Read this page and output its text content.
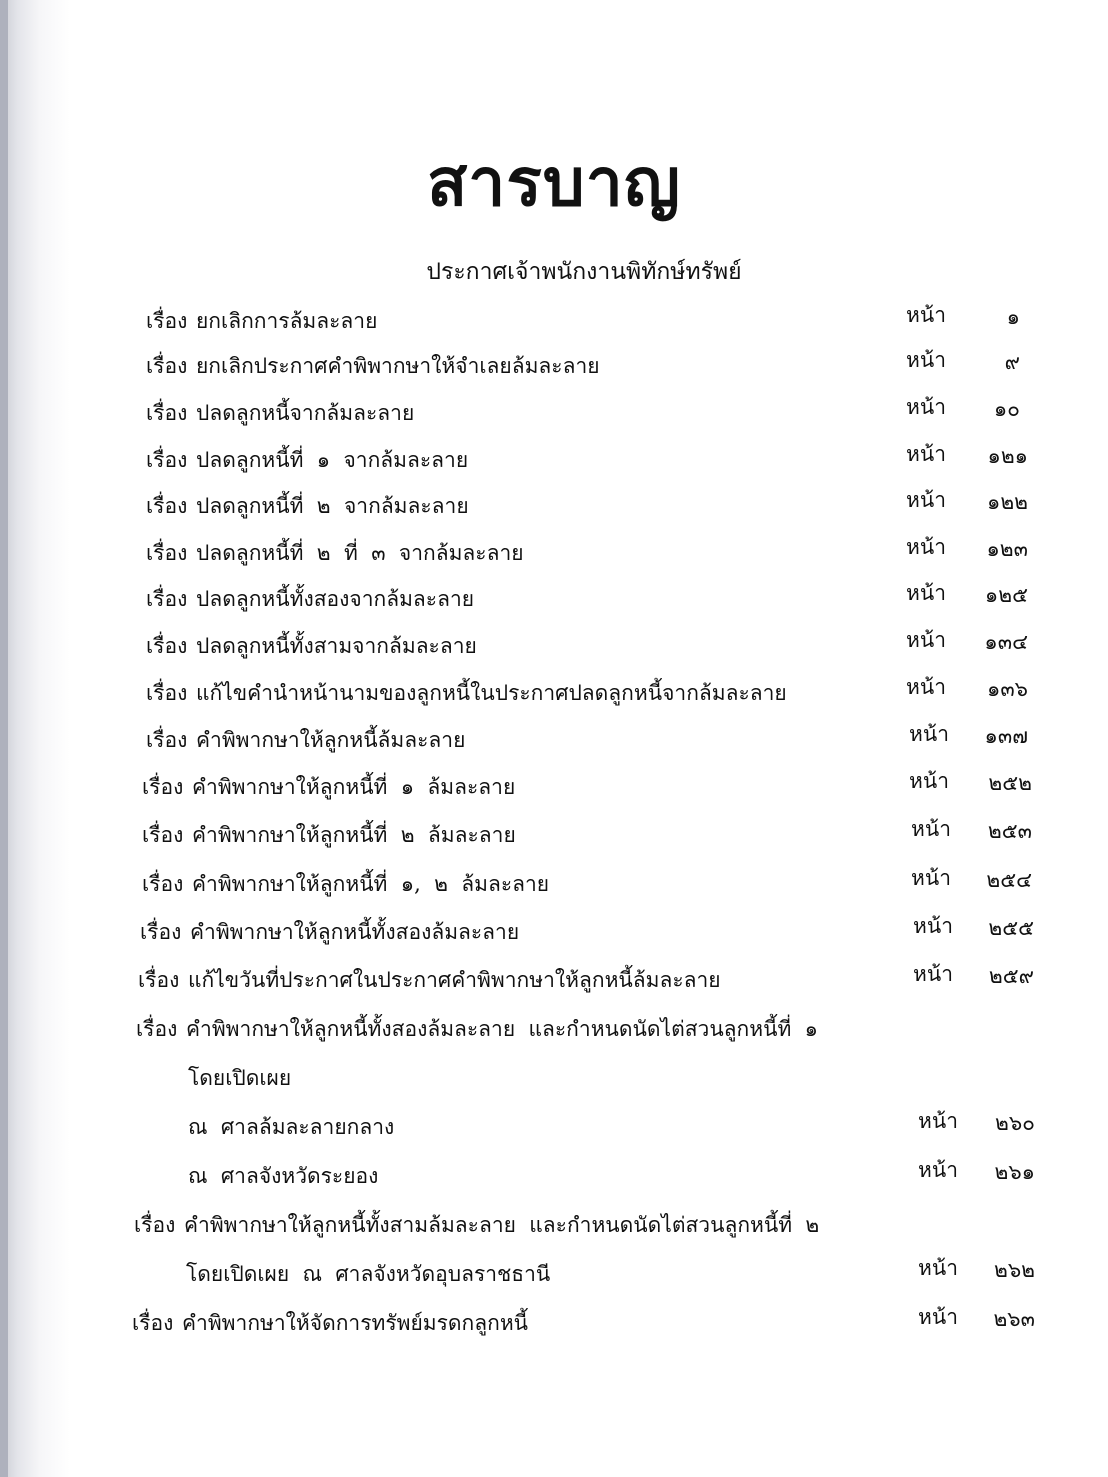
สารบาญ
ประกาศเจ้าพนักงานพิทักษ์ทรัพย์
เรื่อง ยกเลิกการล้มละลาย	หน้า	๑
เรื่อง ยกเลิกประกาศคำพิพากษาให้จำเลยล้มละลาย	หน้า	๙
เรื่อง ปลดลูกหนี้จากล้มละลาย	หน้า	๑๐
เรื่อง ปลดลูกหนี้ที่  ๑  จากล้มละลาย	หน้า	๑๒๑
เรื่อง ปลดลูกหนี้ที่  ๒  จากล้มละลาย	หน้า	๑๒๒
เรื่อง ปลดลูกหนี้ที่  ๒  ที่  ๓  จากล้มละลาย	หน้า	๑๒๓
เรื่อง ปลดลูกหนี้ทั้งสองจากล้มละลาย	หน้า	๑๒๕
เรื่อง ปลดลูกหนี้ทั้งสามจากล้มละลาย	หน้า	๑๓๔
เรื่อง แก้ไขคำนำหน้านามของลูกหนี้ในประกาศปลดลูกหนี้จากล้มละลาย	หน้า	๑๓๖
เรื่อง คำพิพากษาให้ลูกหนี้ล้มละลาย	หน้า	๑๓๗
เรื่อง คำพิพากษาให้ลูกหนี้ที่  ๑  ล้มละลาย	หน้า	๒๕๒
เรื่อง คำพิพากษาให้ลูกหนี้ที่  ๒  ล้มละลาย	หน้า	๒๕๓
เรื่อง คำพิพากษาให้ลูกหนี้ที่  ๑,  ๒  ล้มละลาย	หน้า	๒๕๔
เรื่อง คำพิพากษาให้ลูกหนี้ทั้งสองล้มละลาย	หน้า	๒๕๕
เรื่อง แก้ไขวันที่ประกาศในประกาศคำพิพากษาให้ลูกหนี้ล้มละลาย	หน้า	๒๕๙
เรื่อง คำพิพากษาให้ลูกหนี้ทั้งสองล้มละลาย  และกำหนดนัดไต่สวนลูกหนี้ที่  ๑
โดยเปิดเผย
ณ  ศาลล้มละลายกลาง	หน้า	๒๖๐
ณ  ศาลจังหวัดระยอง	หน้า	๒๖๑
เรื่อง คำพิพากษาให้ลูกหนี้ทั้งสามล้มละลาย  และกำหนดนัดไต่สวนลูกหนี้ที่  ๒
โดยเปิดเผย  ณ  ศาลจังหวัดอุบลราชธานี	หน้า	๒๖๒
เรื่อง คำพิพากษาให้จัดการทรัพย์มรดกลูกหนี้	หน้า	๒๖๓
